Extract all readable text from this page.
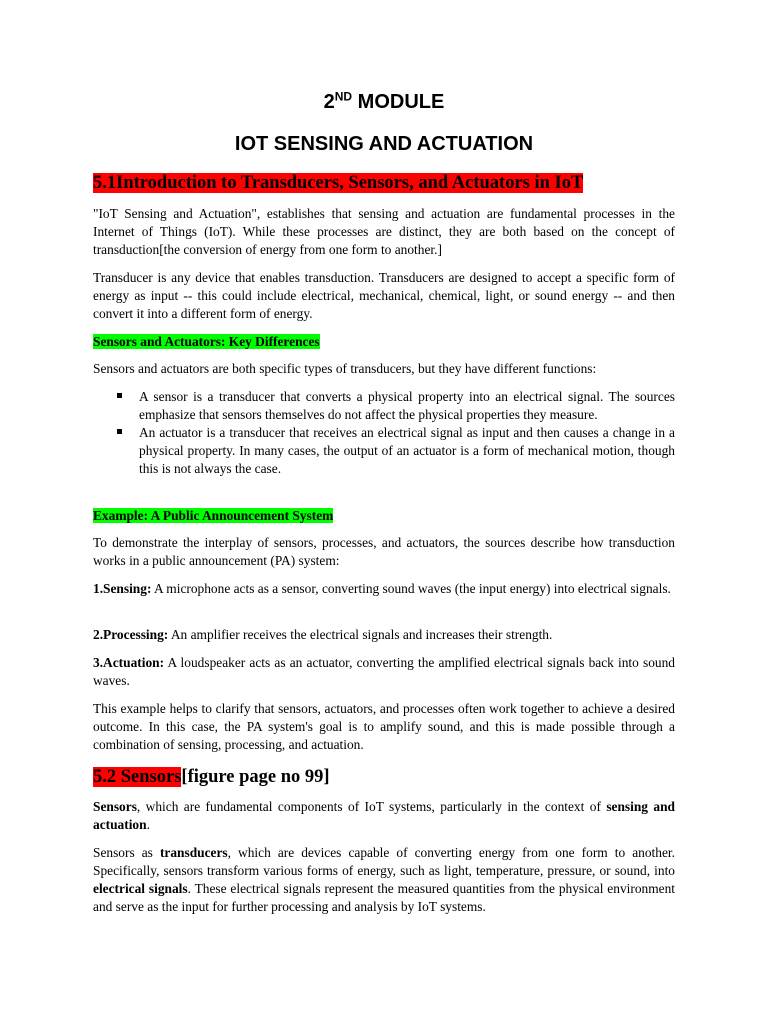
2ND MODULE
IOT SENSING AND ACTUATION
5.1Introduction to Transducers, Sensors, and Actuators in IoT

"IoT Sensing and Actuation", establishes that sensing and actuation are fundamental processes in the Internet of Things (IoT). While these processes are distinct, they are both based on the concept of transduction[the conversion of energy from one form to another.]

Transducer is any device that enables transduction. Transducers are designed to accept a specific form of energy as input -- this could include electrical, mechanical, chemical, light, or sound energy -- and then convert it into a different form of energy.

Sensors and Actuators: Key Differences

Sensors and actuators are both specific types of transducers, but they have different functions:

A sensor is a transducer that converts a physical property into an electrical signal. The sources emphasize that sensors themselves do not affect the physical properties they measure.
An actuator is a transducer that receives an electrical signal as input and then causes a change in a physical property. In many cases, the output of an actuator is a form of mechanical motion, though this is not always the case.
Example: A Public Announcement System

To demonstrate the interplay of sensors, processes, and actuators, the sources describe how transduction works in a public announcement (PA) system:

1.Sensing: A microphone acts as a sensor, converting sound waves (the input energy) into electrical signals.

2.Processing: An amplifier receives the electrical signals and increases their strength.

3.Actuation: A loudspeaker acts as an actuator, converting the amplified electrical signals back into sound waves.

This example helps to clarify that sensors, actuators, and processes often work together to achieve a desired outcome. In this case, the PA system's goal is to amplify sound, and this is made possible through a combination of sensing, processing, and actuation.

5.2 Sensors[figure page no 99]

Sensors, which are fundamental components of IoT systems, particularly in the context of sensing and actuation.

Sensors as transducers, which are devices capable of converting energy from one form to another. Specifically, sensors transform various forms of energy, such as light, temperature, pressure, or sound, into electrical signals. These electrical signals represent the measured quantities from the physical environment and serve as the input for further processing and analysis by IoT systems.
